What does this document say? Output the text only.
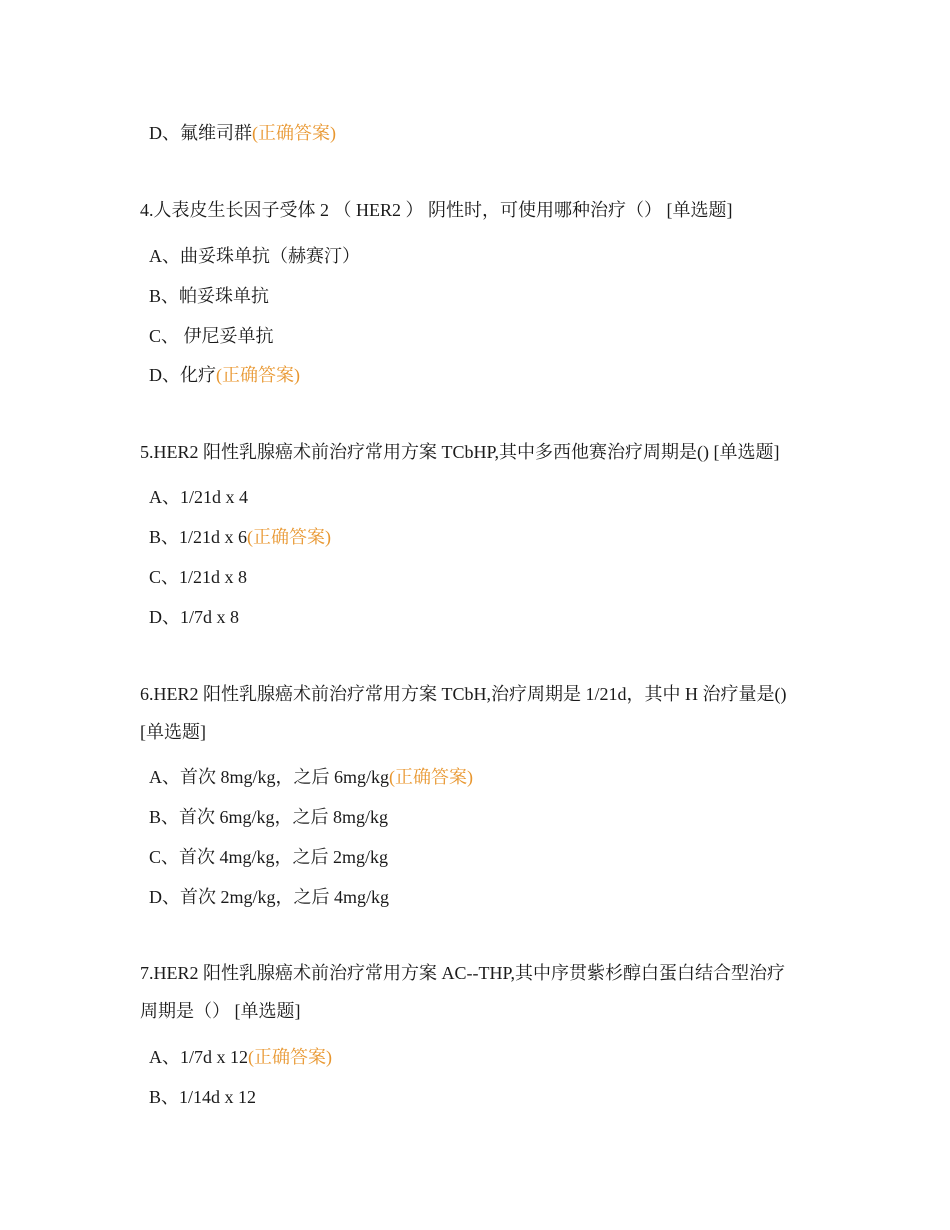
D、氟维司群(正确答案)
4.人表皮生长因子受体 2 （ HER2 ） 阴性时，可使用哪种治疗（） [单选题]
A、曲妥珠单抗（赫赛汀）
B、帕妥珠单抗
C、 伊尼妥单抗
D、化疗(正确答案)
5.HER2 阳性乳腺癌术前治疗常用方案 TCbHP,其中多西他赛治疗周期是() [单选题]
A、1/21d x 4
B、1/21d x 6(正确答案)
C、1/21d x 8
D、1/7d x 8
6.HER2 阳性乳腺癌术前治疗常用方案 TCbH,治疗周期是 1/21d，其中 H 治疗量是()
[单选题]
A、首次 8mg/kg，之后 6mg/kg(正确答案)
B、首次 6mg/kg，之后 8mg/kg
C、首次 4mg/kg，之后 2mg/kg
D、首次 2mg/kg，之后 4mg/kg
7.HER2 阳性乳腺癌术前治疗常用方案 AC--THP,其中序贯紫杉醇白蛋白结合型治疗
周期是（） [单选题]
A、1/7d x 12(正确答案)
B、1/14d x 12
